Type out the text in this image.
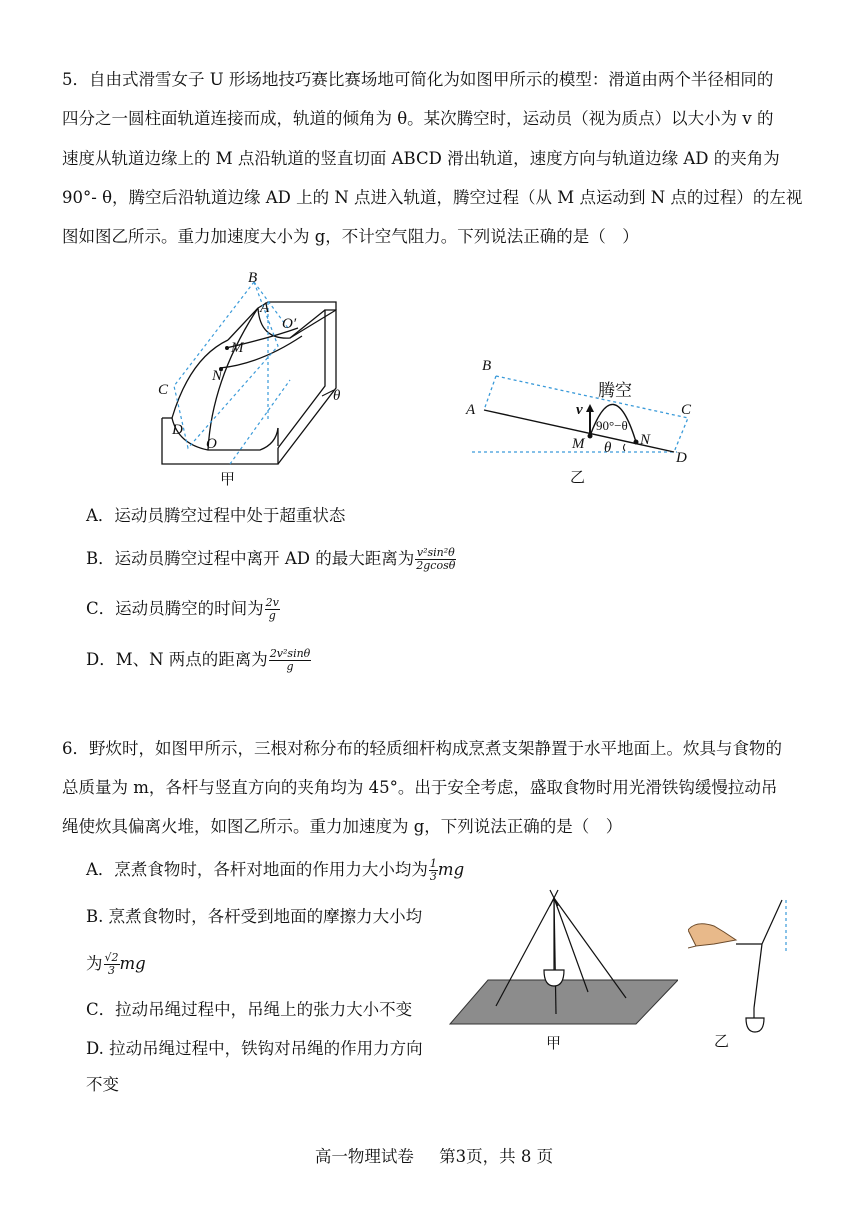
5．自由式滑雪女子 U 形场地技巧赛比赛场地可简化为如图甲所示的模型：滑道由两个半径相同的
四分之一圆柱面轨道连接而成，轨道的倾角为 θ。某次腾空时，运动员（视为质点）以大小为 v 的
速度从轨道边缘上的 M 点沿轨道的竖直切面 ABCD 滑出轨道，速度方向与轨道边缘 AD 的夹角为
90°- θ，腾空后沿轨道边缘 AD 上的 N 点进入轨道，腾空过程（从 M 点运动到 N 点的过程）的左视
图如图乙所示。重力加速度大小为 g，不计空气阻力。下列说法正确的是（　）
B
A
O′
M
N
C
D
O
θ
甲
B
A	C
D
M	N
v
90°−θ
θ
腾空
乙
A．运动员腾空过程中处于超重状态
B．运动员腾空过程中离开 AD 的最大距离为 $\frac{\text{v²sin²θ}}{2gcos\theta}$
C．运动员腾空的时间为 $\frac{2v}{g}$
D．M、N 两点的距离为 $\frac{\text{2v²sinθ}}{g}$
6．野炊时，如图甲所示，三根对称分布的轻质细杆构成烹煮支架静置于水平地面上。炊具与食物的
总质量为 m，各杆与竖直方向的夹角均为 45°。出于安全考虑，盛取食物时用光滑铁钩缓慢拉动吊
绳使炊具偏离火堆，如图乙所示。重力加速度为 g，下列说法正确的是（　）
A．烹煮食物时，各杆对地面的作用力大小均为 $\frac{1}{3}$ mg
B. 烹煮食物时，各杆受到地面的摩擦力大小均
为 $\frac{√2}{3}$ mg
C．拉动吊绳过程中，吊绳上的张力大小不变
D. 拉动吊绳过程中，铁钩对吊绳的作用力方向
不变
甲	乙
高一物理试卷 第3页，共 8 页
